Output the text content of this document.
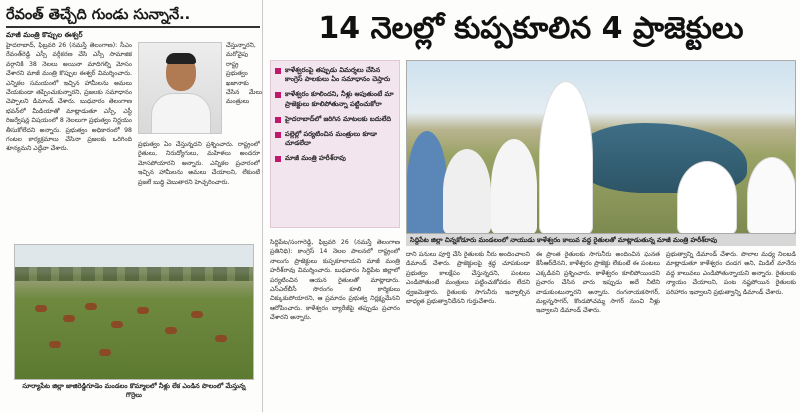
రేవంత్ తెచ్చేది గుండు సున్నానే..
మాజీ మంత్రి కొప్పుల ఈశ్వర్
హైదరాబాద్, ఫిబ్రవరి 26 (నమస్తే తెలంగాణ): సీఎం రేవంత్‌రెడ్డి ఎస్సీ వర్గీకరణ చేసి ఎస్సీ సామాజిక వర్గానికి 38 నెలలు అయినా మాదిగల్ని మోసం చేశారని మాజీ మంత్రి కొప్పుల ఈశ్వర్ విమర్శించారు. ఎన్నికల సమయంలో ఇచ్చిన హామీలను అమలు చేయకుండా తప్పించుకున్నారని, ప్రజలకు సమాధానం చెప్పాలని డిమాండ్ చేశారు. బుధవారం తెలంగాణ భవన్‌లో మీడియాతో మాట్లాడుతూ ఎస్సీ, ఎస్టీ రిజర్వేషన్ల విషయంలో 8 నెలలుగా ప్రభుత్వం నిర్ణయం తీసుకోలేదని అన్నారు. ప్రభుత్వం అధికారంలో 98 గంటల కార్యక్రమాలు చేసినా ప్రజలకు ఒరిగింది శూన్యమని ఎద్దేవా చేశారు.
చేస్తున్నారని, మరోవైపు రాష్ట్ర ప్రభుత్వం ఖజానాకు చేసిన మేలు మంత్రులు
ప్రభుత్వం ఏం చేస్తున్నదని ప్రశ్నించారు. రాష్ట్రంలో రైతులు, నిరుద్యోగులు, మహిళలు అందరూ మోసపోయారని అన్నారు. ఎన్నికల ప్రచారంలో ఇచ్చిన హామీలను అమలు చేయాలని, లేకుంటే ప్రజలే బుద్ధి చెబుతారని హెచ్చరించారు.
సూర్యాపేట జిల్లా జాజిరెడ్డిగూడెం మండలం కొమ్మాలలో నీళ్లు లేక ఎండిన పొలంలో మేస్తున్న గొర్రెలు
14 నెలల్లో కుప్పకూలిన 4 ప్రాజెక్టులు
కాళేశ్వరంపై తప్పుడు విమర్శలు చేసిన కాంగ్రెస్ పాలకులు ఏం సమాధానం చెప్తారు
కాళేశ్వరం కూలిందని, నీళ్లు ఆపుతుంటే మా ప్రాజెక్టులు కూలిపోతున్నా పట్టించుకోరా
హైదరాబాద్‌లో జరిగిన మాటలకు బదులేది
పల్లెల్లో పర్యటించిన మంత్రులు కూడా చూడలేదా
మాజీ మంత్రి హరీశ్‌రావు
సిద్దిపేట జిల్లా చిన్నకోడూరు మండలంలో నాయుడు కాళేశ్వరం కాలువ వద్ద రైతులతో మాట్లాడుతున్న మాజీ మంత్రి హరీశ్‌రావు
సిద్దిపేట/సంగారెడ్డి, ఫిబ్రవరి 26 (నమస్తే తెలంగాణ ప్రతినిధి): కాంగ్రెస్ 14 నెలల పాలనలో రాష్ట్రంలో నాలుగు ప్రాజెక్టులు కుప్పకూలాయని మాజీ మంత్రి హరీశ్‌రావు విమర్శించారు. బుధవారం సిద్దిపేట జిల్లాలో పర్యటించిన ఆయన రైతులతో మాట్లాడారు. ఎస్‌ఎల్‌బీసీ సొరంగం కూలి కార్మికులు చిక్కుకుపోయారని, ఆ ప్రమాదం ప్రభుత్వ నిర్లక్ష్యమేనని ఆరోపించారు. కాళేశ్వరం బ్యారేజీపై తప్పుడు ప్రచారం చేశారని అన్నారు.
దాని పనులు పూర్తి చేసి రైతులకు నీరు అందించాలని డిమాండ్ చేశారు. ప్రాజెక్టులపై శ్రద్ధ చూపకుండా ప్రభుత్వం కాలక్షేపం చేస్తున్నదని, పంటలు ఎండిపోతుంటే మంత్రులు పట్టించుకోవడం లేదని ధ్వజమెత్తారు. రైతులకు సాగునీరు ఇవ్వాల్సిన బాధ్యత ప్రభుత్వానిదేనని గుర్తుచేశారు.
ఈ ప్రాంత రైతులకు సాగునీరు అందించిన ఘనత కేసీఆర్‌దేనని, కాళేశ్వరం ప్రాజెక్టు లేకుంటే ఈ పంటలు ఎక్కడివని ప్రశ్నించారు. కాళేశ్వరం కూలిపోయిందని ప్రచారం చేసిన వారు ఇప్పుడు అదే నీటిని వాడుకుంటున్నారని అన్నారు. రంగనాయకసాగర్, మల్లన్నసాగర్, కొండపోచమ్మ సాగర్ నుంచి నీళ్లు ఇవ్వాలని డిమాండ్ చేశారు.
ప్రభుత్వాన్ని డిమాండ్ చేశారు. పొలాల మధ్య నిలబడి మాట్లాడుతూ కాళేశ్వరం దండగ అని, మిడిల్ మానేరు వద్ద కాలువలు ఎండిపోతున్నాయని అన్నారు. రైతులకు న్యాయం చేయాలని, పంట నష్టపోయిన రైతులకు పరిహారం ఇవ్వాలని ప్రభుత్వాన్ని డిమాండ్ చేశారు.
